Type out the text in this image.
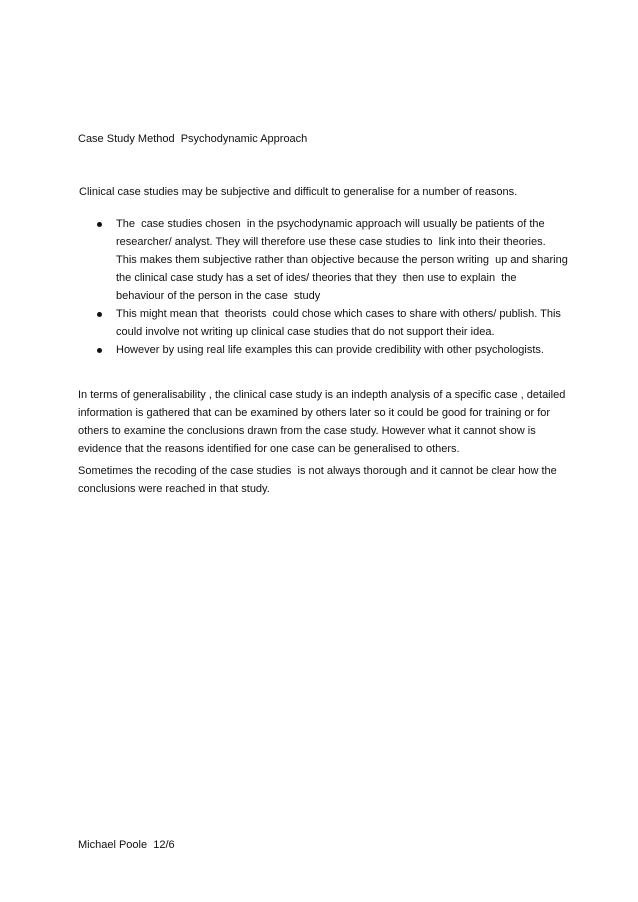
Case Study Method  Psychodynamic Approach
Clinical case studies may be subjective and difficult to generalise for a number of reasons.
The  case studies chosen  in the psychodynamic approach will usually be patients of the
researcher/ analyst. They will therefore use these case studies to  link into their theories.
This makes them subjective rather than objective because the person writing  up and sharing
the clinical case study has a set of ides/ theories that they  then use to explain  the
behaviour of the person in the case  study
This might mean that  theorists  could chose which cases to share with others/ publish. This
could involve not writing up clinical case studies that do not support their idea.
However by using real life examples this can provide credibility with other psychologists.
In terms of generalisability , the clinical case study is an indepth analysis of a specific case , detailed
information is gathered that can be examined by others later so it could be good for training or for
others to examine the conclusions drawn from the case study. However what it cannot show is
evidence that the reasons identified for one case can be generalised to others.
Sometimes the recoding of the case studies  is not always thorough and it cannot be clear how the
conclusions were reached in that study.
Michael Poole  12/6
